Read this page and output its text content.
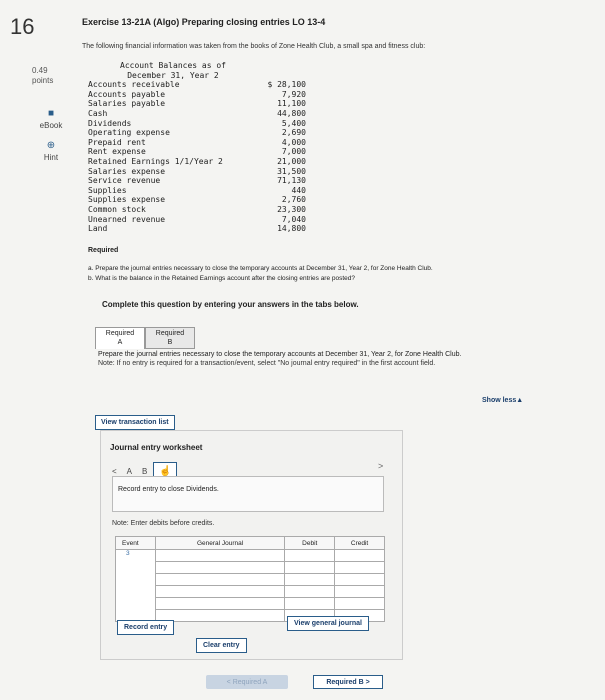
16
0.49
points
■
eBook
⊕
Hint
Exercise 13-21A (Algo) Preparing closing entries LO 13-4
The following financial information was taken from the books of Zone Health Club, a small spa and fitness club:
Account Balances as of
December 31, Year 2
Accounts receivable	$ 28,100
Accounts payable	7,920
Salaries payable	11,100
Cash	44,800
Dividends	5,400
Operating expense	2,690
Prepaid rent	4,000
Rent expense	7,000
Retained Earnings 1/1/Year 2	21,000
Salaries expense	31,500
Service revenue	71,130
Supplies	440
Supplies expense	2,760
Common stock	23,300
Unearned revenue	7,040
Land	14,800
Required
a. Prepare the journal entries necessary to close the temporary accounts at December 31, Year 2, for Zone Health Club.
b. What is the balance in the Retained Earnings account after the closing entries are posted?
Complete this question by entering your answers in the tabs below.
Required
A
Required
B
Prepare the journal entries necessary to close the temporary accounts at December 31, Year 2, for Zone Health Club.
Note: If no entry is required for a transaction/event, select "No journal entry required" in the first account field.
Show less▲
View transaction list
Journal entry worksheet
< A B	☝	>
Record entry to close Dividends.
Note: Enter debits before credits.
Event	General Journal	Debit	Credit
3			

Record entry
Clear entry
View general journal
< Required A	Required B >
